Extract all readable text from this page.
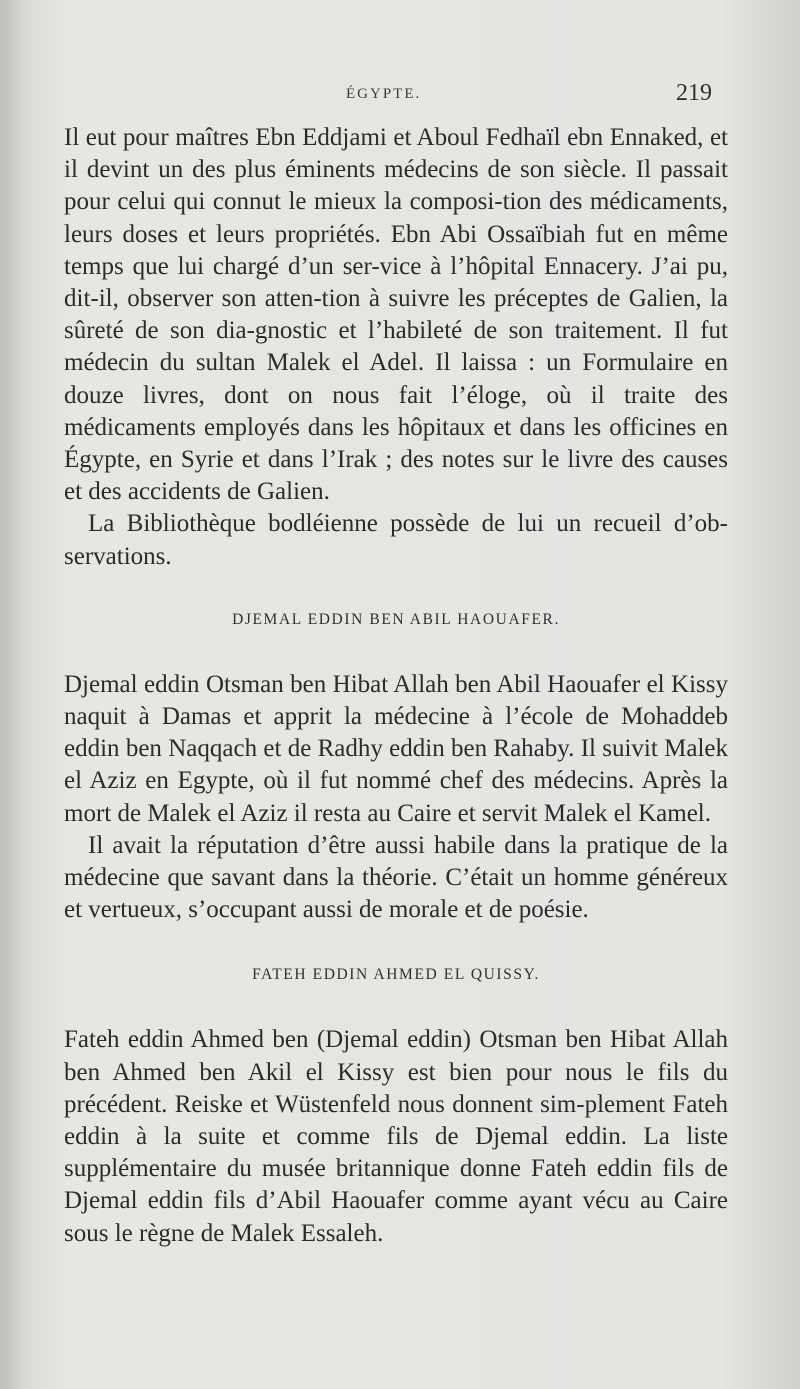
ÉGYPTE.	219

Il eut pour maîtres Ebn Eddjami et Aboul Fedhaïl ebn Ennaked, et il devint un des plus éminents médecins de son siècle. Il passait pour celui qui connut le mieux la composi-tion des médicaments, leurs doses et leurs propriétés. Ebn Abi Ossaïbiah fut en même temps que lui chargé d’un ser-vice à l’hôpital Ennacery. J’ai pu, dit-il, observer son atten-tion à suivre les préceptes de Galien, la sûreté de son dia-gnostic et l’habileté de son traitement. Il fut médecin du sultan Malek el Adel. Il laissa : un Formulaire en douze livres, dont on nous fait l’éloge, où il traite des médicaments employés dans les hôpitaux et dans les officines en Égypte, en Syrie et dans l’Irak ; des notes sur le livre des causes et des accidents de Galien.

La Bibliothèque bodléienne possède de lui un recueil d’ob-servations.

DJEMAL EDDIN BEN ABIL HAOUAFER.

Djemal eddin Otsman ben Hibat Allah ben Abil Haouafer el Kissy naquit à Damas et apprit la médecine à l’école de Mohaddeb eddin ben Naqqach et de Radhy eddin ben Rahaby. Il suivit Malek el Aziz en Egypte, où il fut nommé chef des médecins. Après la mort de Malek el Aziz il resta au Caire et servit Malek el Kamel.

Il avait la réputation d’être aussi habile dans la pratique de la médecine que savant dans la théorie. C’était un homme généreux et vertueux, s’occupant aussi de morale et de poésie.

FATEH EDDIN AHMED EL QUISSY.

Fateh eddin Ahmed ben (Djemal eddin) Otsman ben Hibat Allah ben Ahmed ben Akil el Kissy est bien pour nous le fils du précédent. Reiske et Wüstenfeld nous donnent sim-plement Fateh eddin à la suite et comme fils de Djemal eddin. La liste supplémentaire du musée britannique donne Fateh eddin fils de Djemal eddin fils d’Abil Haouafer comme ayant vécu au Caire sous le règne de Malek Essaleh.
